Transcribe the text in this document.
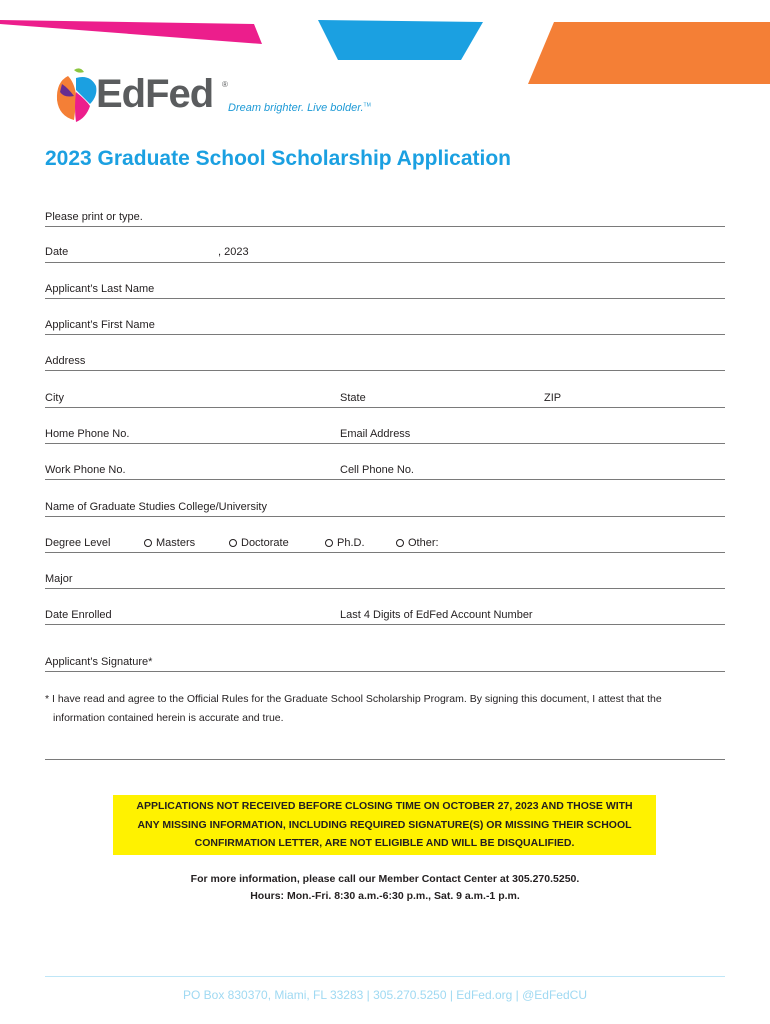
EdFed ®
Dream brighter. Live bolder.™
2023 Graduate School Scholarship Application
Please print or type.
Date	, 2023
Applicant’s Last Name
Applicant’s First Name
Address
City	State	ZIP
Home Phone No.	Email Address
Work Phone No.	Cell Phone No.
Name of Graduate Studies College/University
Degree Level	Masters	Doctorate	Ph.D.	Other:
Major
Date Enrolled	Last 4 Digits of EdFed Account Number
Applicant’s Signature*
* I have read and agree to the Official Rules for the Graduate School Scholarship Program. By signing this document, I attest that the
information contained herein is accurate and true.
APPLICATIONS NOT RECEIVED BEFORE CLOSING TIME ON OCTOBER 27, 2023 AND THOSE WITH
ANY MISSING INFORMATION, INCLUDING REQUIRED SIGNATURE(S) OR MISSING THEIR SCHOOL
CONFIRMATION LETTER, ARE NOT ELIGIBLE AND WILL BE DISQUALIFIED.
For more information, please call our Member Contact Center at 305.270.5250.
Hours: Mon.-Fri. 8:30 a.m.-6:30 p.m., Sat. 9 a.m.-1 p.m.
PO Box 830370, Miami, FL 33283 | 305.270.5250 | EdFed.org | @EdFedCU
